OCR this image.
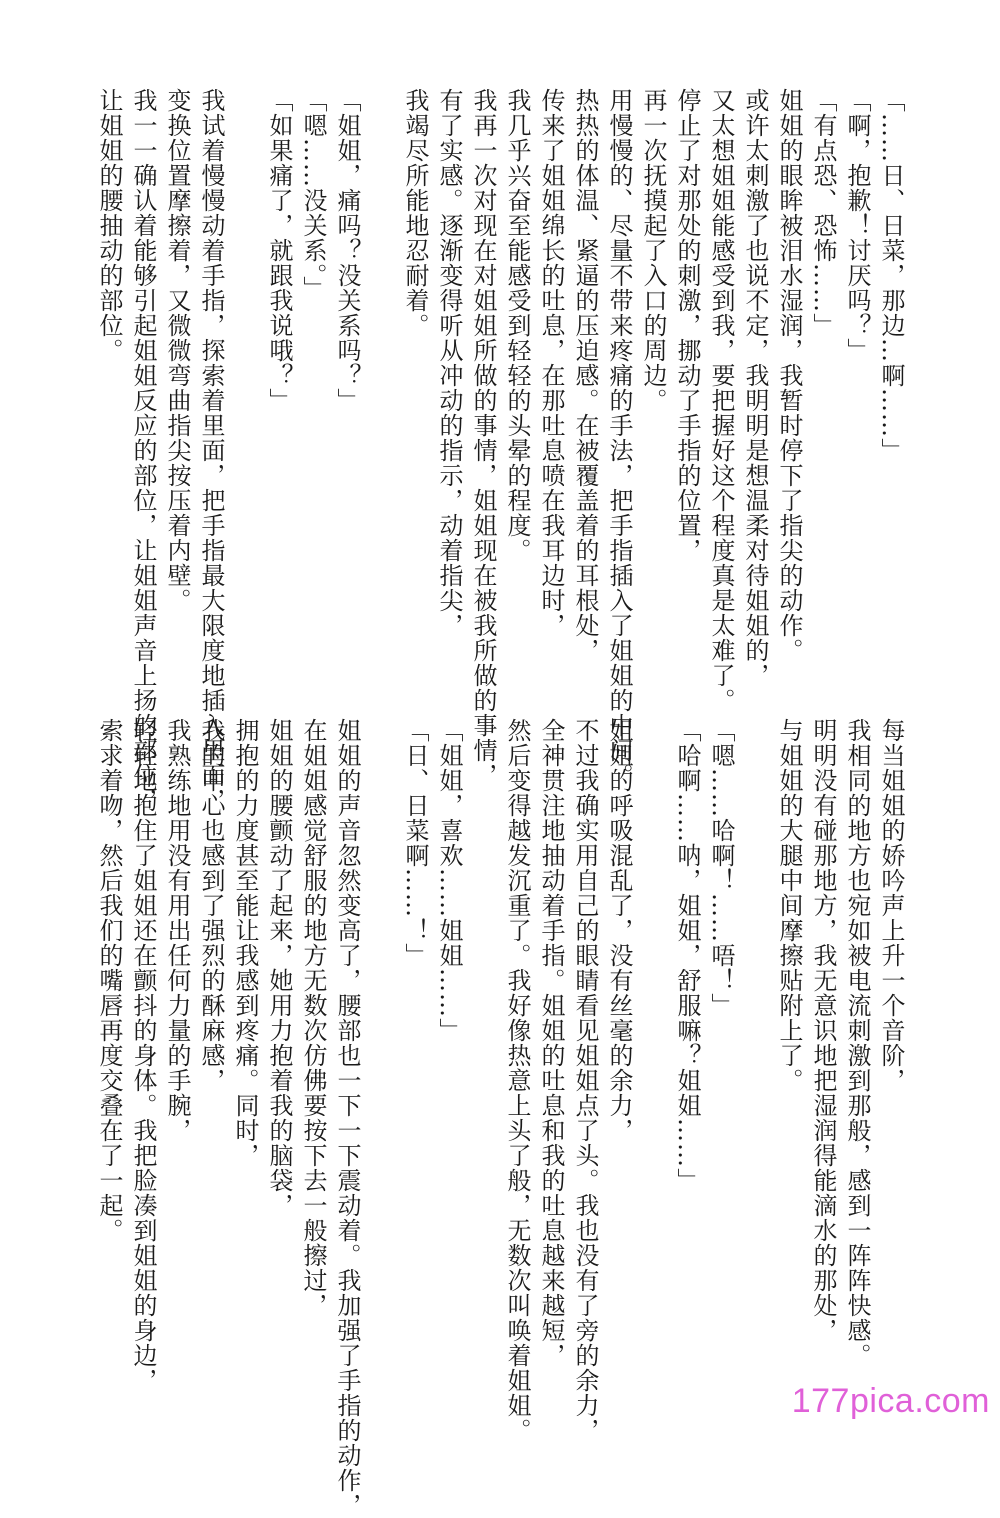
「……日、日菜，那边…啊……」
「啊，抱歉！讨厌吗？」
「有点恐、恐怖……」
姐姐的眼眸被泪水湿润，我暂时停下了指尖的动作。
或许太刺激了也说不定，我明明是想温柔对待姐姐的，
又太想姐姐能感受到我，要把握好这个程度真是太难了。
停止了对那处的刺激，挪动了手指的位置，
再一次抚摸起了入口的周边。
用慢慢的、尽量不带来疼痛的手法，把手指插入了姐姐的中间。
热热的体温、紧逼的压迫感。在被覆盖着的耳根处，
传来了姐姐绵长的吐息，在那吐息喷在我耳边时，
我几乎兴奋至能感受到轻轻的头晕的程度。
我再一次对现在对姐姐所做的事情，姐姐现在被我所做的事情，
有了实感。逐渐变得听从冲动的指示，动着指尖，
我竭尽所能地忍耐着。

「姐姐，痛吗？没关系吗？」
「嗯……没关系。」
「如果痛了，就跟我说哦？」

我试着慢慢动着手指，探索着里面，把手指最大限度地插入里面，
变换位置摩擦着，又微微弯曲指尖按压着内壁。
我一一确认着能够引起姐姐反应的部位，让姐姐声音上扬的部位，
让姐姐的腰抽动的部位。
每当姐姐的娇吟声上升一个音阶，
我相同的地方也宛如被电流刺激到那般，感到一阵阵快感。
明明没有碰那地方，我无意识地把湿润得能滴水的那处，
与姐姐的大腿中间摩擦贴附上了。

「嗯……哈啊！……唔！」
「哈啊……呐，姐姐，舒服嘛？姐姐……」

姐姐的呼吸混乱了，没有丝毫的余力，
不过我确实用自己的眼睛看见姐姐点了头。我也没有了旁的余力，
全神贯注地抽动着手指。姐姐的吐息和我的吐息越来越短，
然后变得越发沉重了。我好像热意上头了般，无数次叫唤着姐姐。

「姐姐，喜欢……姐姐……」
「日、日菜啊……！」

姐姐的声音忽然变高了，腰部也一下一下震动着。我加强了手指的动作，
在姐姐感觉舒服的地方无数次仿佛要按下去一般擦过，
姐姐的腰颤动了起来，她用力抱着我的脑袋，
拥抱的力度甚至能让我感到疼痛。同时，
我的中心也感到了强烈的酥麻感，
我熟练地用没有用出任何力量的手腕，
轻轻地抱住了姐姐还在颤抖的身体。我把脸凑到姐姐的身边，
索求着吻，然后我们的嘴唇再度交叠在了一起。
177pica.com
